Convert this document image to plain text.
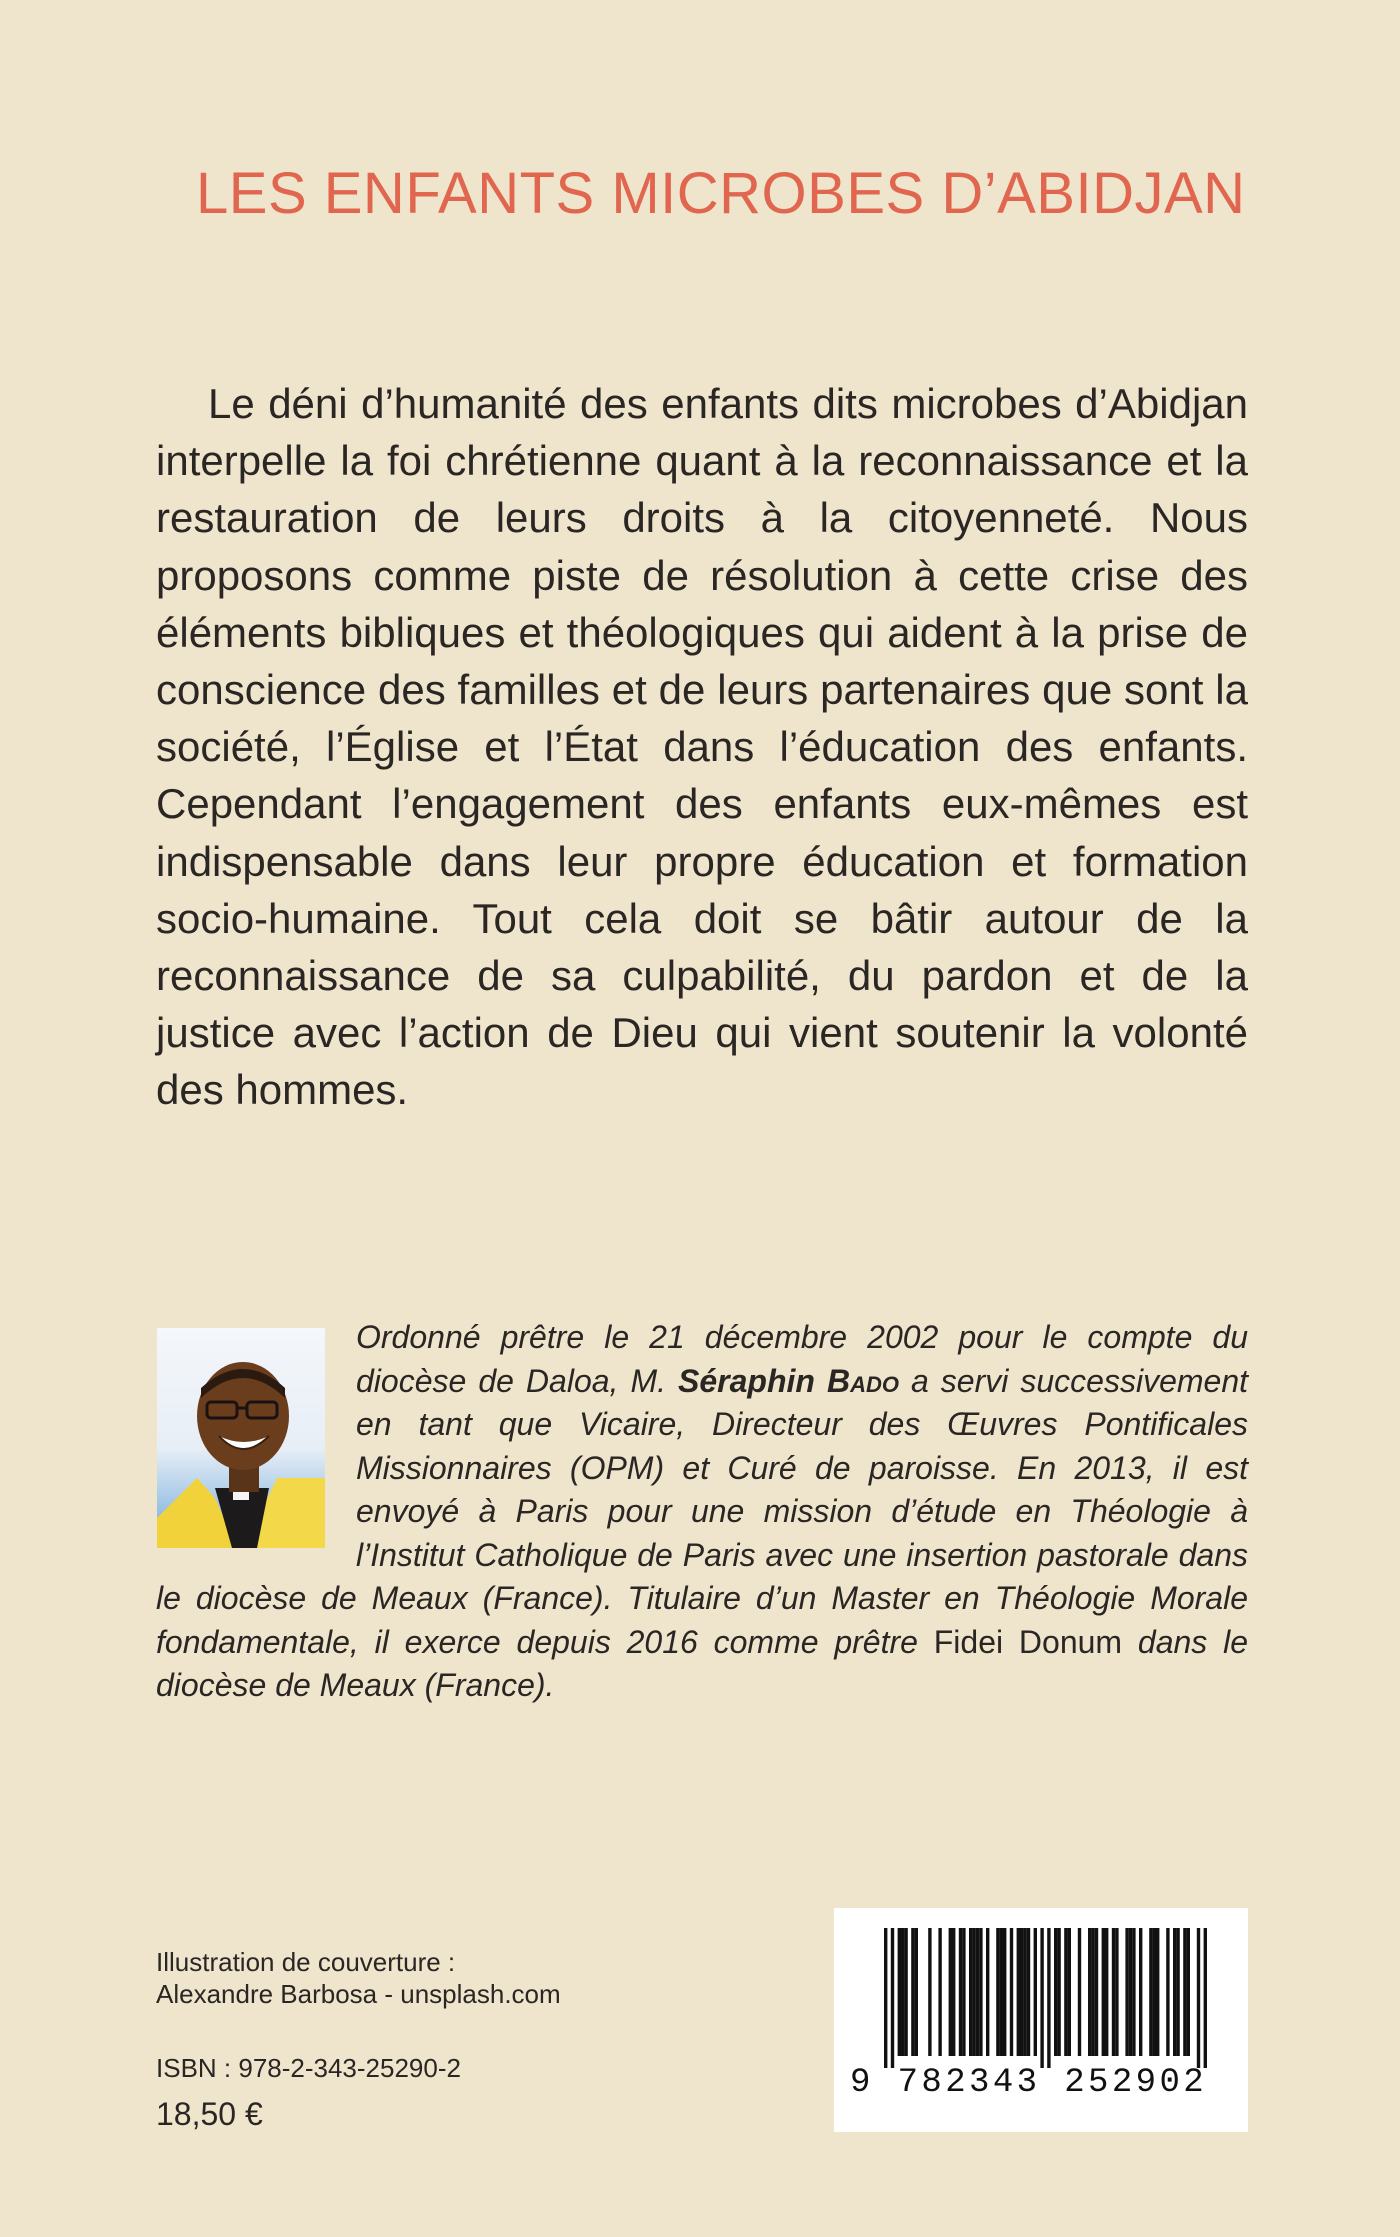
LES ENFANTS MICROBES D’ABIDJAN
Le déni d’humanité des enfants dits microbes d’Abidjan interpelle la foi chrétienne quant à la reconnaissance et la restauration de leurs droits à la citoyenneté. Nous proposons comme piste de résolution à cette crise des éléments bibliques et théologiques qui aident à la prise de conscience des familles et de leurs partenaires que sont la société, l’Église et l’État dans l’éducation des enfants. Cependant l’engagement des enfants eux-mêmes est indispensable dans leur propre éducation et formation socio-humaine. Tout cela doit se bâtir autour de la reconnaissance de sa culpabilité, du pardon et de la justice avec l’action de Dieu qui vient soutenir la volonté des hommes.
Ordonné prêtre le 21 décembre 2002 pour le compte du diocèse de Daloa, M. Séraphin Bado a servi successivement en tant que Vicaire, Directeur des Œuvres Pontificales Missionnaires (OPM) et Curé de paroisse. En 2013, il est envoyé à Paris pour une mission d’étude en Théologie à l’Institut Catholique de Paris avec une insertion pastorale dans le diocèse de Meaux (France). Titulaire d’un Master en Théologie Morale fondamentale, il exerce depuis 2016 comme prêtre Fidei Donum dans le diocèse de Meaux (France).
Illustration de couverture :
Alexandre Barbosa - unsplash.com
ISBN : 978-2-343-25290-2
18,50 €
9 782343 252902
